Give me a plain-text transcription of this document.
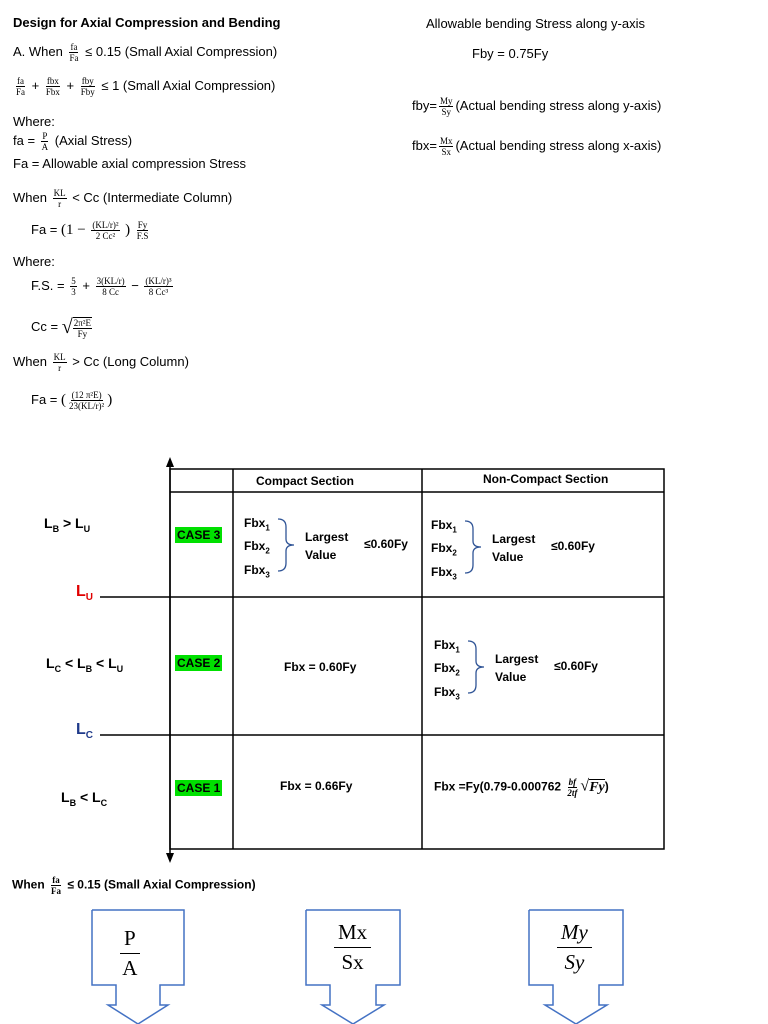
Design for Axial Compression and Bending
A. When $\frac{fa}{Fa} \le 0.15$ (Small Axial Compression)
$\frac{fa}{Fa} + \frac{\text{fbx}}{\text{Fbx}} + \frac{\text{fby}}{\text{Fby}} \le 1$ (Small Axial Compression)
Where:
fa = $\frac{P}{A}$ (Axial Stress)
Fa = Allowable axial compression Stress
When $\frac{KL}{r} < Cc$ (Intermediate Column)
$Fa = (1 - \frac{\text{(KL/r)²}}{\text{2 Cc²}}$ ) $\frac{Fy}{F.S}$
Where:
F.S. = $\frac{5}{3} + \frac{3(KL/r)}{8 Cc} - \frac{\text{(KL/r)³}}{\text{8 Cc³}}$
Cc = √ $\frac{\text{2π²E}}{Fy}$
When $\frac{KL}{r} > Cc$ (Long Column)
Fa = ( $\frac{\text{(12 π²E)}}{\text{23(KL/r)²}}$ )
Allowable bending Stress along y-axis
Fby = 0.75Fy
$fby= \frac{My}{Sy}$ (Actual bending stress along y-axis)
$fbx= \frac{Mx}{Sx}$ (Actual bending stress along x-axis)
Compact Section	Non-Compact Section
$L_U$
$L_C$
$L_B > L_U$
$L_C < L_B < L_U$
$L_B < L_C$
CASE 3
CASE 2
CASE 1
Fbx$_1$
Fbx$_2$
Fbx$_3$
Largest
Value
≤0.60Fy
Fbx$_1$
Fbx$_2$
Fbx$_3$
Largest
Value
≤0.60Fy
Fbx = 0.60Fy
Fbx$_1$
Fbx$_2$
Fbx$_3$
Largest
Value
≤0.60Fy
Fbx = 0.66Fy	Fbx $=Fy(0.79-0.000762 \frac{bf}{2tf} √Fy)$
When $\frac{fa}{Fa} \le 0.15$ (Small Axial Compression)
P
A
Mx
Sx
My
Sy
